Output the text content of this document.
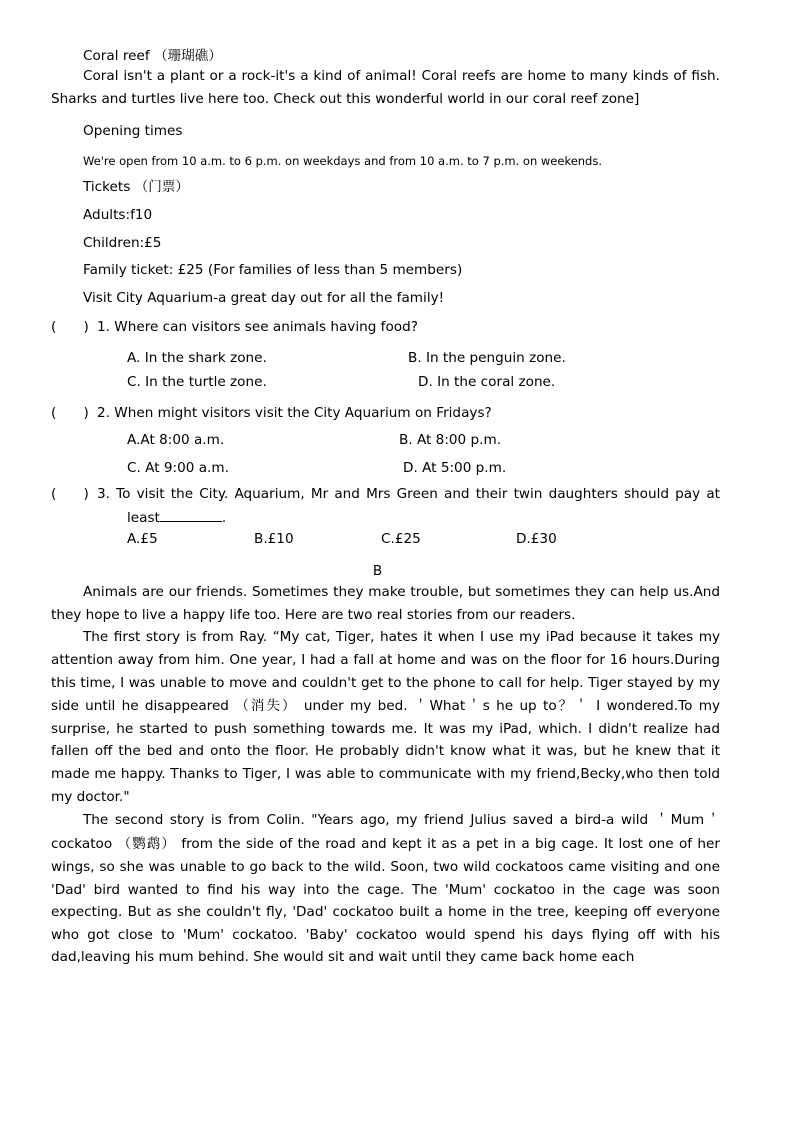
Coral reef （珊瑚礁）
Coral isn't a plant or a rock-it's a kind of animal! Coral reefs are home to many kinds of fish.
Sharks and turtles live here too. Check out this wonderful world in our coral reef zone]
Opening times
We're open from 10 a.m. to 6 p.m. on weekdays and from 10 a.m. to 7 p.m. on weekends.
Tickets （门票）
Adults:f10
Children:£5
Family ticket: £25 (For families of less than 5 members)
Visit City Aquarium-a great day out for all the family!
(　　) 1. Where can visitors see animals having food?
A. In the shark zone.	B. In the penguin zone.
C. In the turtle zone.	D. In the coral zone.
(　　) 2. When might visitors visit the City Aquarium on Fridays?
A.At 8:00 a.m.	B. At 8:00 p.m.
C. At 9:00 a.m.	D. At 5:00 p.m.
(　　) 3. To visit the City. Aquarium, Mr and Mrs Green and their twin daughters should pay at
least	.
A.£5	B.£10	C.£25	D.£30
B
Animals are our friends. Sometimes they make trouble, but sometimes they can help us.And
they hope to live a happy life too. Here are two real stories from our readers.
The first story is from Ray. “My cat, Tiger, hates it when I use my iPad because it takes my
attention away from him. One year, I had a fall at home and was on the floor for 16 hours.During
this time, I was unable to move and couldn't get to the phone to call for help. Tiger stayed by my
side until he disappeared （消失） under my bed. ＇What＇s he up to？＇ I wondered.To my
surprise, he started to push something towards me. It was my iPad, which. I didn't realize had
fallen off the bed and onto the floor. He probably didn't know what it was, but he knew that it
made me happy. Thanks to Tiger, I was able to communicate with my friend,Becky,who then told
my doctor."
The second story is from Colin. "Years ago, my friend Julius saved a bird-a wild ＇Mum＇
cockatoo （鹦鹉） from the side of the road and kept it as a pet in a big cage. It lost one of her
wings, so she was unable to go back to the wild. Soon, two wild cockatoos came visiting and one
'Dad' bird wanted to find his way into the cage. The 'Mum' cockatoo in the cage was soon
expecting. But as she couldn't fly, 'Dad' cockatoo built a home in the tree, keeping off everyone
who got close to 'Mum' cockatoo. 'Baby' cockatoo would spend his days flying off with his
dad,leaving his mum behind. She would sit and wait until they came back home each
